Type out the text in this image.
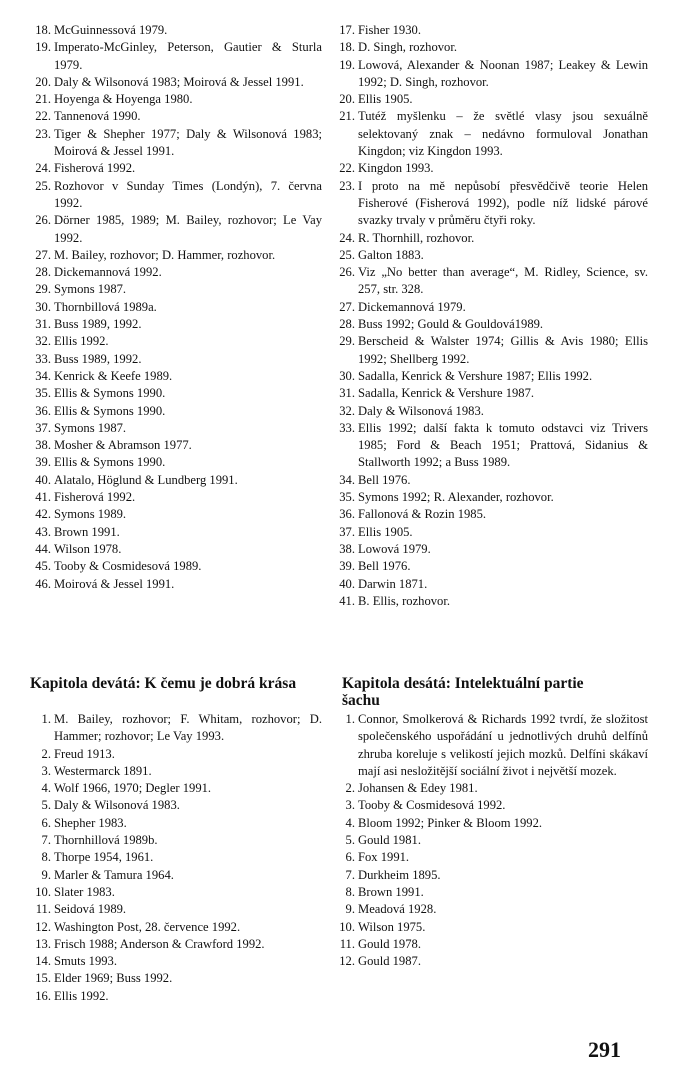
18. McGuinnessová 1979.
19. Imperato-McGinley, Peterson, Gautier & Sturla 1979.
20. Daly & Wilsonová 1983; Moirová & Jessel 1991.
21. Hoyenga & Hoyenga 1980.
22. Tannenová 1990.
23. Tiger & Shepher 1977; Daly & Wilsonová 1983; Moirová & Jessel 1991.
24. Fisherová 1992.
25. Rozhovor v Sunday Times (Londýn), 7. června 1992.
26. Dörner 1985, 1989; M. Bailey, rozhovor; Le Vay 1992.
27. M. Bailey, rozhovor; D. Hammer, rozhovor.
28. Dickemannová 1992.
29. Symons 1987.
30. Thornbillová 1989a.
31. Buss 1989, 1992.
32. Ellis 1992.
33. Buss 1989, 1992.
34. Kenrick & Keefe 1989.
35. Ellis & Symons 1990.
36. Ellis & Symons 1990.
37. Symons 1987.
38. Mosher & Abramson 1977.
39. Ellis & Symons 1990.
40. Alatalo, Höglund & Lundberg 1991.
41. Fisherová 1992.
42. Symons 1989.
43. Brown 1991.
44. Wilson 1978.
45. Tooby & Cosmidesová 1989.
46. Moirová & Jessel 1991.
17. Fisher 1930.
18. D. Singh, rozhovor.
19. Lowová, Alexander & Noonan 1987; Leakey & Lewin 1992; D. Singh, rozhovor.
20. Ellis 1905.
21. Tutéž myšlenku – že světlé vlasy jsou sexuálně selektovaný znak – nedávno formuloval Jonathan Kingdon; viz Kingdon 1993.
22. Kingdon 1993.
23. I proto na mě nepůsobí přesvědčivě teorie Helen Fisherové (Fisherová 1992), podle níž lidské párové svazky trvaly v průměru čtyři roky.
24. R. Thornhill, rozhovor.
25. Galton 1883.
26. Viz „No better than average“, M. Ridley, Science, sv. 257, str. 328.
27. Dickemannová 1979.
28. Buss 1992; Gould & Gouldová1989.
29. Berscheid & Walster 1974; Gillis & Avis 1980; Ellis 1992; Shellberg 1992.
30. Sadalla, Kenrick & Vershure 1987; Ellis 1992.
31. Sadalla, Kenrick & Vershure 1987.
32. Daly & Wilsonová 1983.
33. Ellis 1992; další fakta k tomuto odstavci viz Trivers 1985; Ford & Beach 1951; Prattová, Sidanius & Stallworth 1992; a Buss 1989.
34. Bell 1976.
35. Symons 1992; R. Alexander, rozhovor.
36. Fallonová & Rozin 1985.
37. Ellis 1905.
38. Lowová 1979.
39. Bell 1976.
40. Darwin 1871.
41. B. Ellis, rozhovor.
Kapitola devátá: K čemu je dobrá krása	Kapitola desátá: Intelektuální partie šachu
1. M. Bailey, rozhovor; F. Whitam, rozhovor; D. Hammer; rozhovor; Le Vay 1993.
2. Freud 1913.
3. Westermarck 1891.
4. Wolf 1966, 1970; Degler 1991.
5. Daly & Wilsonová 1983.
6. Shepher 1983.
7. Thornhillová 1989b.
8. Thorpe 1954, 1961.
9. Marler & Tamura 1964.
10. Slater 1983.
11. Seidová 1989.
12. Washington Post, 28. července 1992.
13. Frisch 1988; Anderson & Crawford 1992.
14. Smuts 1993.
15. Elder 1969; Buss 1992.
16. Ellis 1992.
1. Connor, Smolkerová & Richards 1992 tvrdí, že složitost společenského uspořádání u jednotlivých druhů delfínů zhruba koreluje s velikostí jejich mozků. Delfíni skákaví mají asi nesložitější sociální život i největší mozek.
2. Johansen & Edey 1981.
3. Tooby & Cosmidesová 1992.
4. Bloom 1992; Pinker & Bloom 1992.
5. Gould 1981.
6. Fox 1991.
7. Durkheim 1895.
8. Brown 1991.
9. Meadová 1928.
10. Wilson 1975.
11. Gould 1978.
12. Gould 1987.
291
